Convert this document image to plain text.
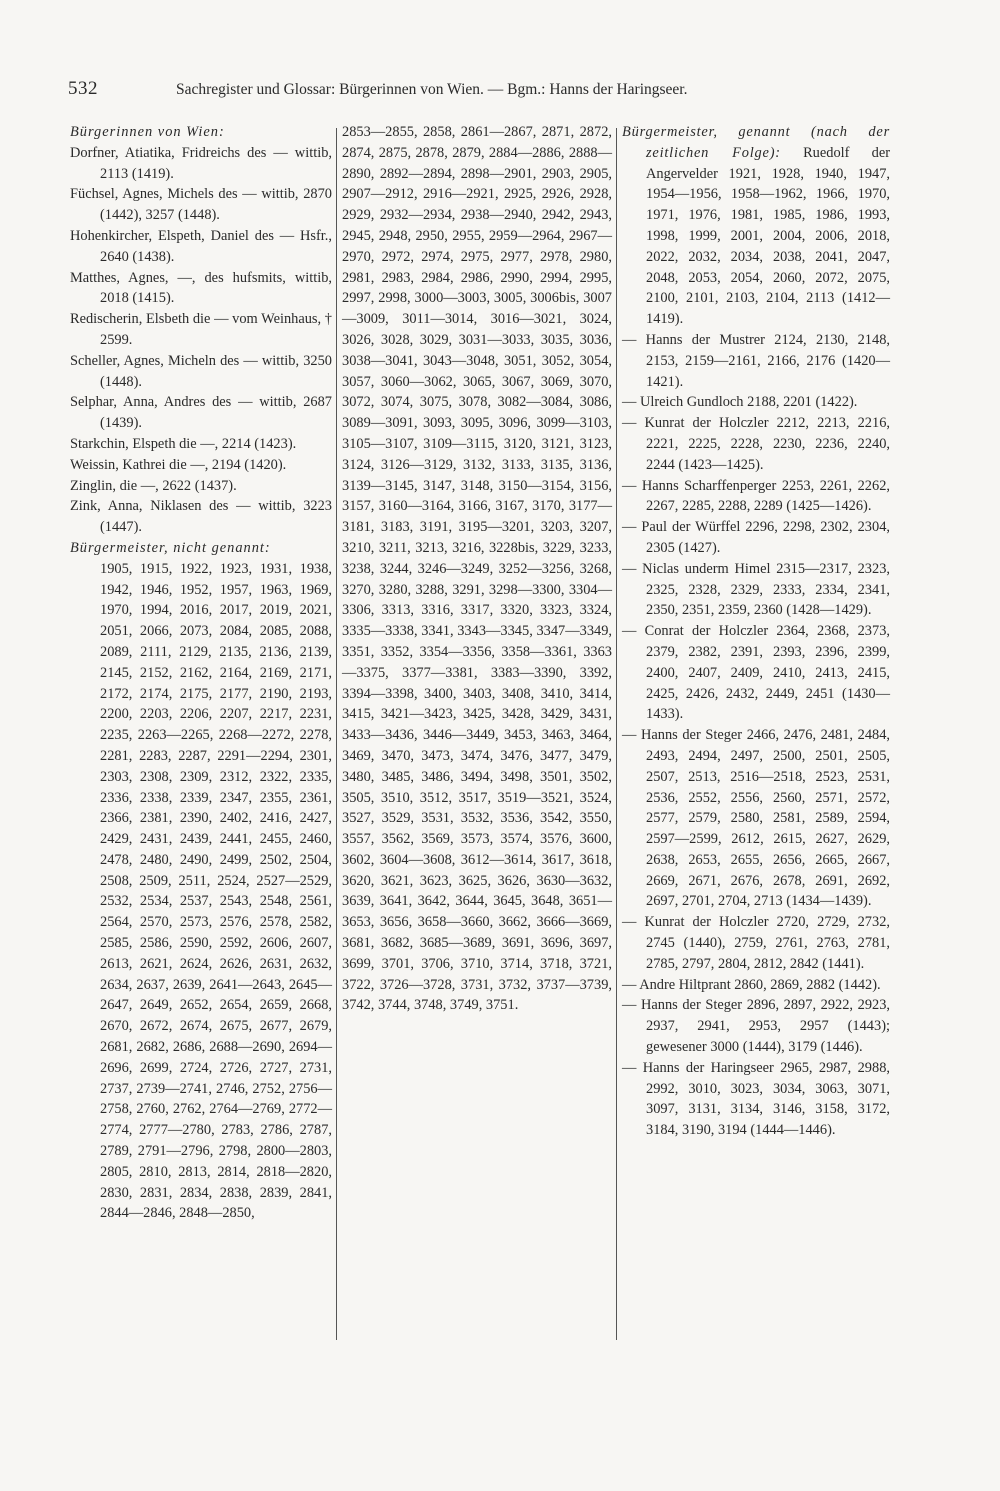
532	Sachregister und Glossar: Bürgerinnen von Wien. — Bgm.: Hanns der Haringseer.

Bürgerinnen von Wien:

Dorfner, Atiatika, Fridreichs des — wittib, 2113 (1419).

Füchsel, Agnes, Michels des — wittib, 2870 (1442), 3257 (1448).

Hohenkircher, Elspeth, Daniel des — Hsfr., 2640 (1438).

Matthes, Agnes, —, des hufsmits, wittib, 2018 (1415).

Redischerin, Elsbeth die — vom Weinhaus, † 2599.

Scheller, Agnes, Micheln des — wittib, 3250 (1448).

Selphar, Anna, Andres des — wittib, 2687 (1439).

Starkchin, Elspeth die —, 2214 (1423).

Weissin, Kathrei die —, 2194 (1420).

Zinglin, die —, 2622 (1437).

Zink, Anna, Niklasen des — wittib, 3223 (1447).

Bürgermeister, nicht genannt:

1905, 1915, 1922, 1923, 1931, 1938, 1942, 1946, 1952, 1957, 1963, 1969, 1970, 1994, 2016, 2017, 2019, 2021, 2051, 2066, 2073, 2084, 2085, 2088, 2089, 2111, 2129, 2135, 2136, 2139, 2145, 2152, 2162, 2164, 2169, 2171, 2172, 2174, 2175, 2177, 2190, 2193, 2200, 2203, 2206, 2207, 2217, 2231, 2235, 2263—2265, 2268—2272, 2278, 2281, 2283, 2287, 2291—2294, 2301, 2303, 2308, 2309, 2312, 2322, 2335, 2336, 2338, 2339, 2347, 2355, 2361, 2366, 2381, 2390, 2402, 2416, 2427, 2429, 2431, 2439, 2441, 2455, 2460, 2478, 2480, 2490, 2499, 2502, 2504, 2508, 2509, 2511, 2524, 2527—2529, 2532, 2534, 2537, 2543, 2548, 2561, 2564, 2570, 2573, 2576, 2578, 2582, 2585, 2586, 2590, 2592, 2606, 2607, 2613, 2621, 2624, 2626, 2631, 2632, 2634, 2637, 2639, 2641—2643, 2645—2647, 2649, 2652, 2654, 2659, 2668, 2670, 2672, 2674, 2675, 2677, 2679, 2681, 2682, 2686, 2688—2690, 2694—2696, 2699, 2724, 2726, 2727, 2731, 2737, 2739—2741, 2746, 2752, 2756—2758, 2760, 2762, 2764—2769, 2772—2774, 2777—2780, 2783, 2786, 2787, 2789, 2791—2796, 2798, 2800—2803, 2805, 2810, 2813, 2814, 2818—2820, 2830, 2831, 2834, 2838, 2839, 2841, 2844—2846, 2848—2850,

2853—2855, 2858, 2861—2867, 2871, 2872, 2874, 2875, 2878, 2879, 2884—2886, 2888—2890, 2892—2894, 2898—2901, 2903, 2905, 2907—2912, 2916—2921, 2925, 2926, 2928, 2929, 2932—2934, 2938—2940, 2942, 2943, 2945, 2948, 2950, 2955, 2959—2964, 2967—2970, 2972, 2974, 2975, 2977, 2978, 2980, 2981, 2983, 2984, 2986, 2990, 2994, 2995, 2997, 2998, 3000—3003, 3005, 3006bis, 3007—3009, 3011—3014, 3016—3021, 3024, 3026, 3028, 3029, 3031—3033, 3035, 3036, 3038—3041, 3043—3048, 3051, 3052, 3054, 3057, 3060—3062, 3065, 3067, 3069, 3070, 3072, 3074, 3075, 3078, 3082—3084, 3086, 3089—3091, 3093, 3095, 3096, 3099—3103, 3105—3107, 3109—3115, 3120, 3121, 3123, 3124, 3126—3129, 3132, 3133, 3135, 3136, 3139—3145, 3147, 3148, 3150—3154, 3156, 3157, 3160—3164, 3166, 3167, 3170, 3177—3181, 3183, 3191, 3195—3201, 3203, 3207, 3210, 3211, 3213, 3216, 3228bis, 3229, 3233, 3238, 3244, 3246—3249, 3252—3256, 3268, 3270, 3280, 3288, 3291, 3298—3300, 3304—3306, 3313, 3316, 3317, 3320, 3323, 3324, 3335—3338, 3341, 3343—3345, 3347—3349, 3351, 3352, 3354—3356, 3358—3361, 3363—3375, 3377—3381, 3383—3390, 3392, 3394—3398, 3400, 3403, 3408, 3410, 3414, 3415, 3421—3423, 3425, 3428, 3429, 3431, 3433—3436, 3446—3449, 3453, 3463, 3464, 3469, 3470, 3473, 3474, 3476, 3477, 3479, 3480, 3485, 3486, 3494, 3498, 3501, 3502, 3505, 3510, 3512, 3517, 3519—3521, 3524, 3527, 3529, 3531, 3532, 3536, 3542, 3550, 3557, 3562, 3569, 3573, 3574, 3576, 3600, 3602, 3604—3608, 3612—3614, 3617, 3618, 3620, 3621, 3623, 3625, 3626, 3630—3632, 3639, 3641, 3642, 3644, 3645, 3648, 3651—3653, 3656, 3658—3660, 3662, 3666—3669, 3681, 3682, 3685—3689, 3691, 3696, 3697, 3699, 3701, 3706, 3710, 3714, 3718, 3721, 3722, 3726—3728, 3731, 3732, 3737—3739, 3742, 3744, 3748, 3749, 3751.

Bürgermeister, genannt (nach der zeitlichen Folge): Ruedolf der Angervelder 1921, 1928, 1940, 1947, 1954—1956, 1958—1962, 1966, 1970, 1971, 1976, 1981, 1985, 1986, 1993, 1998, 1999, 2001, 2004, 2006, 2018, 2022, 2032, 2034, 2038, 2041, 2047, 2048, 2053, 2054, 2060, 2072, 2075, 2100, 2101, 2103, 2104, 2113 (1412—1419).

— Hanns der Mustrer 2124, 2130, 2148, 2153, 2159—2161, 2166, 2176 (1420—1421).

— Ulreich Gundloch 2188, 2201 (1422).

— Kunrat der Holczler 2212, 2213, 2216, 2221, 2225, 2228, 2230, 2236, 2240, 2244 (1423—1425).

— Hanns Scharffenperger 2253, 2261, 2262, 2267, 2285, 2288, 2289 (1425—1426).

— Paul der Würffel 2296, 2298, 2302, 2304, 2305 (1427).

— Niclas underm Himel 2315—2317, 2323, 2325, 2328, 2329, 2333, 2334, 2341, 2350, 2351, 2359, 2360 (1428—1429).

— Conrat der Holczler 2364, 2368, 2373, 2379, 2382, 2391, 2393, 2396, 2399, 2400, 2407, 2409, 2410, 2413, 2415, 2425, 2426, 2432, 2449, 2451 (1430—1433).

— Hanns der Steger 2466, 2476, 2481, 2484, 2493, 2494, 2497, 2500, 2501, 2505, 2507, 2513, 2516—2518, 2523, 2531, 2536, 2552, 2556, 2560, 2571, 2572, 2577, 2579, 2580, 2581, 2589, 2594, 2597—2599, 2612, 2615, 2627, 2629, 2638, 2653, 2655, 2656, 2665, 2667, 2669, 2671, 2676, 2678, 2691, 2692, 2697, 2701, 2704, 2713 (1434—1439).

— Kunrat der Holczler 2720, 2729, 2732, 2745 (1440), 2759, 2761, 2763, 2781, 2785, 2797, 2804, 2812, 2842 (1441).

— Andre Hiltprant 2860, 2869, 2882 (1442).

— Hanns der Steger 2896, 2897, 2922, 2923, 2937, 2941, 2953, 2957 (1443); gewesener 3000 (1444), 3179 (1446).

— Hanns der Haringseer 2965, 2987, 2988, 2992, 3010, 3023, 3034, 3063, 3071, 3097, 3131, 3134, 3146, 3158, 3172, 3184, 3190, 3194 (1444—1446).
